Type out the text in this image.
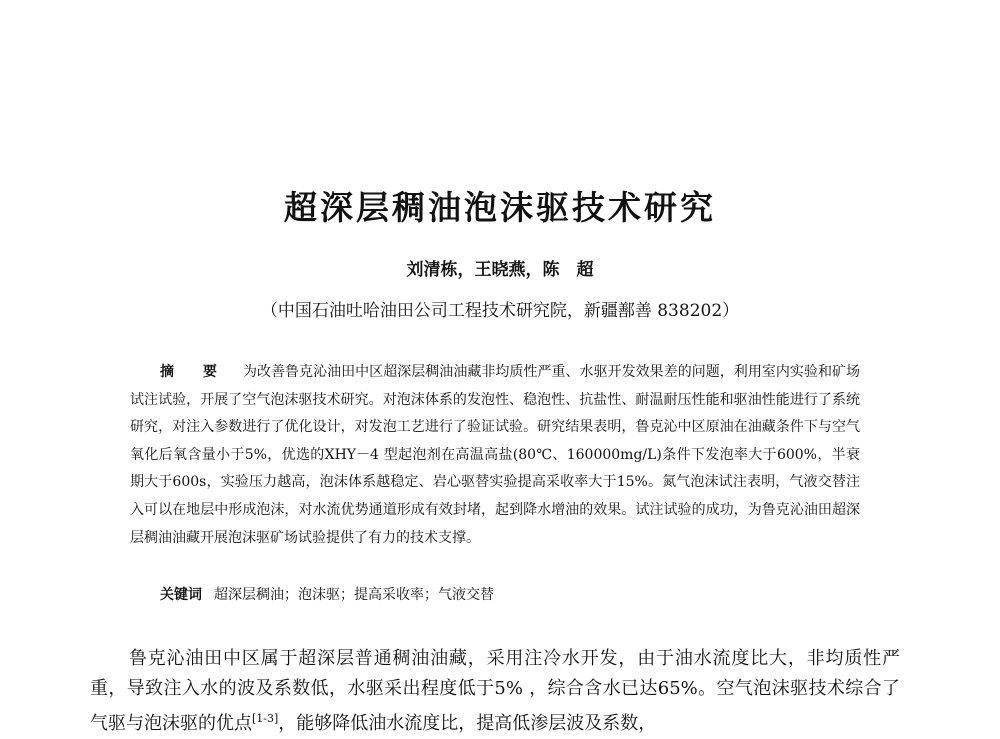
超深层稠油泡沫驱技术研究
刘清栋，王晓燕，陈　超
（中国石油吐哈油田公司工程技术研究院，新疆鄯善 838202）
摘 要 为改善鲁克沁油田中区超深层稠油油藏非均质性严重、水驱开发效果差的问题，利用室内实验和矿场试注试验，开展了空气泡沫驱技术研究。对泡沫体系的发泡性、稳泡性、抗盐性、耐温耐压性能和驱油性能进行了系统研究，对注入参数进行了优化设计，对发泡工艺进行了验证试验。研究结果表明，鲁克沁中区原油在油藏条件下与空气氧化后氧含量小于5%，优选的XHY－4 型起泡剂在高温高盐(80℃、160000mg/L)条件下发泡率大于600%，半衰期大于600s，实验压力越高，泡沫体系越稳定、岩心驱替实验提高采收率大于15%。氮气泡沫试注表明，气液交替注入可以在地层中形成泡沫，对水流优势通道形成有效封堵，起到降水增油的效果。试注试验的成功，为鲁克沁油田超深层稠油油藏开展泡沫驱矿场试验提供了有力的技术支撑。
关键词 超深层稠油；泡沫驱；提高采收率；气液交替
鲁克沁油田中区属于超深层普通稠油油藏，采用注冷水开发，由于油水流度比大，非均质性严重，导致注入水的波及系数低，水驱采出程度低于5% ，综合含水已达65%。空气泡沫驱技术综合了气驱与泡沫驱的优点[1-3]，能够降低油水流度比，提高低渗层波及系数，
